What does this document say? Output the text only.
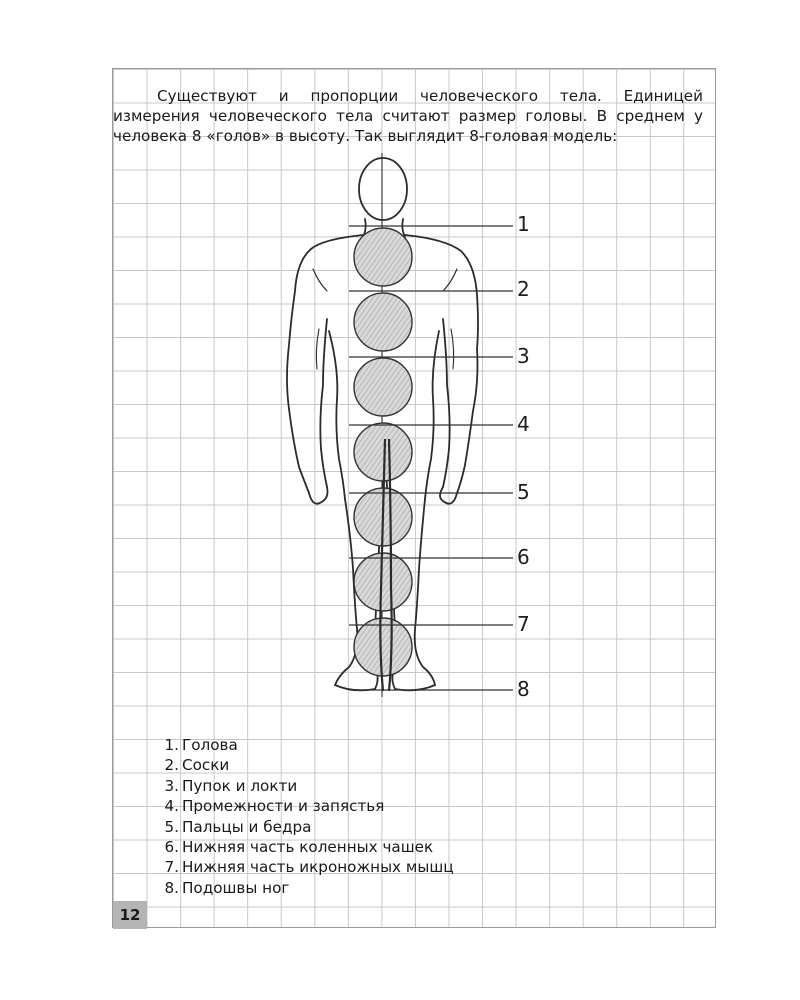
1
2
3
4
5
6
7
8

Существуют и пропорции человеческого тела. Единицей измерения человеческого тела считают размер головы. В среднем у человека 8 «голов» в высоту. Так выглядит 8-головая модель:

1. Голова
2. Соски
3. Пупок и локти
4. Промежности и запястья
5. Пальцы и бедра
6. Нижняя часть коленных чашек
7. Нижняя часть икроножных мышц
8. Подошвы ног
12
